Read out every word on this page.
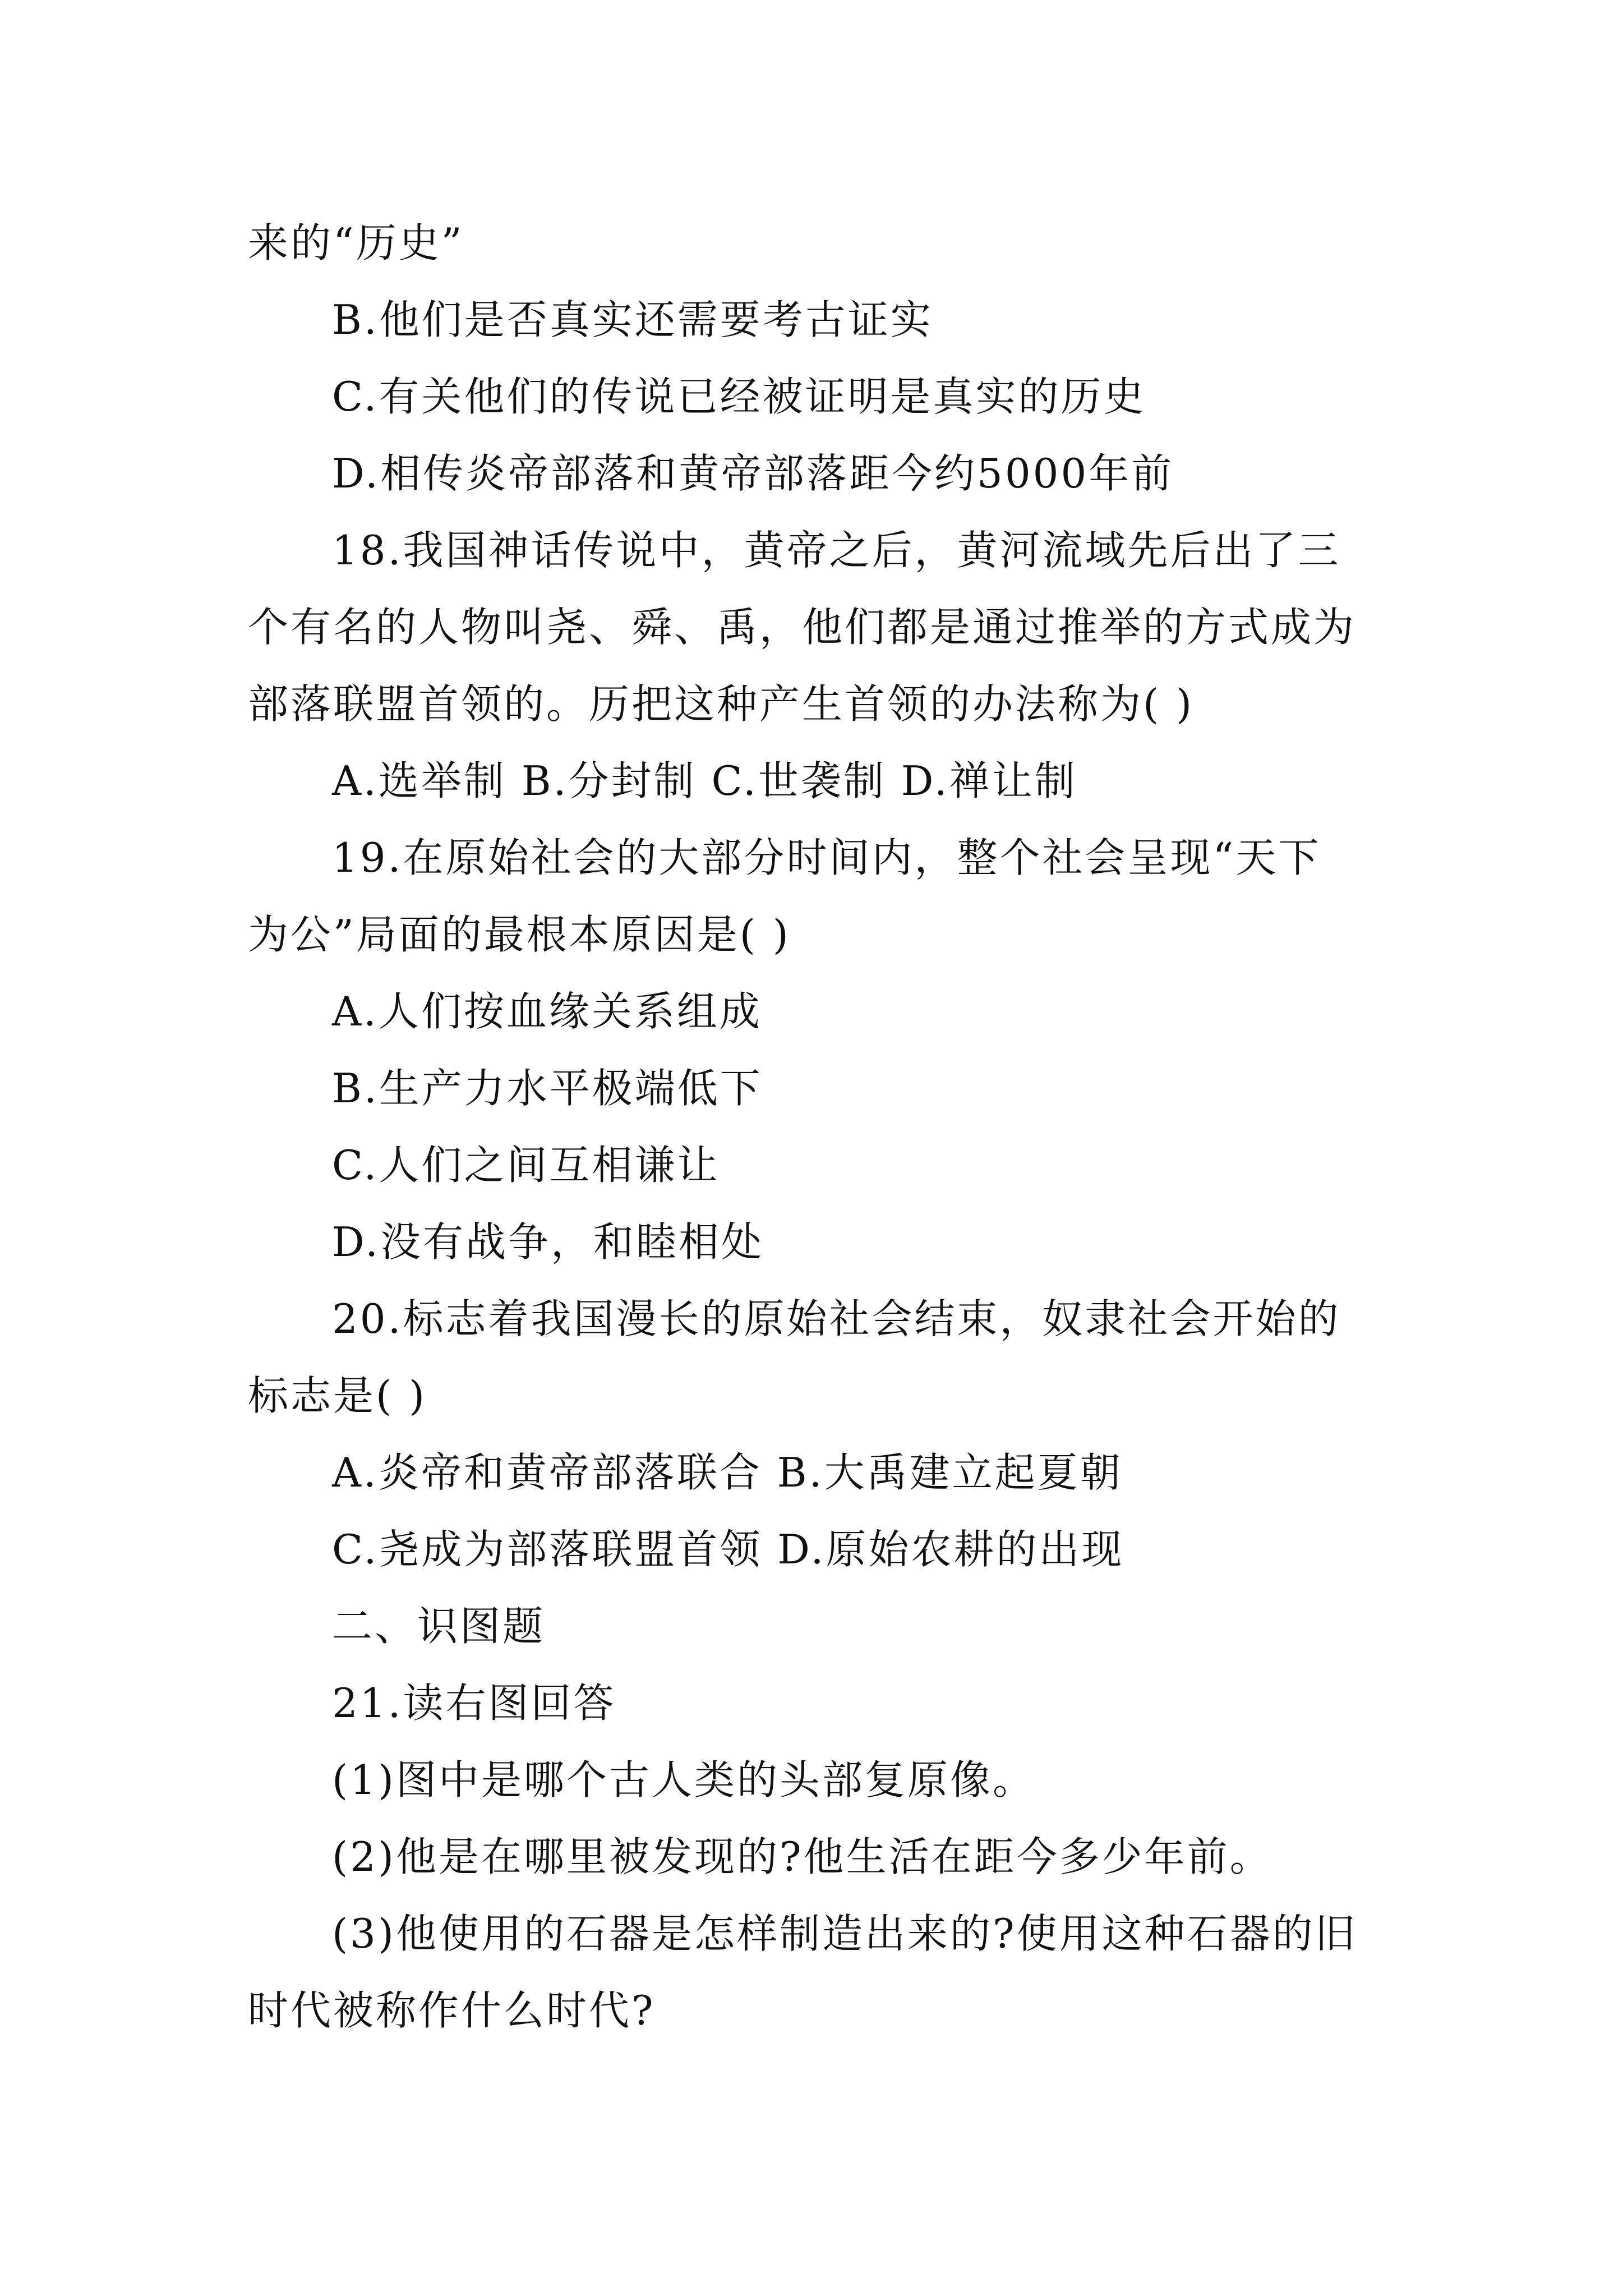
来的“历史”
B.他们是否真实还需要考古证实
C.有关他们的传说已经被证明是真实的历史
D.相传炎帝部落和黄帝部落距今约5000年前
18.我国神话传说中，黄帝之后，黄河流域先后出了三
个有名的人物叫尧、舜、禹，他们都是通过推举的方式成为
部落联盟首领的。历把这种产生首领的办法称为( )
A.选举制 B.分封制 C.世袭制 D.禅让制
19.在原始社会的大部分时间内，整个社会呈现“天下
为公”局面的最根本原因是( )
A.人们按血缘关系组成
B.生产力水平极端低下
C.人们之间互相谦让
D.没有战争，和睦相处
20.标志着我国漫长的原始社会结束，奴隶社会开始的
标志是( )
A.炎帝和黄帝部落联合 B.大禹建立起夏朝
C.尧成为部落联盟首领 D.原始农耕的出现
二、识图题
21.读右图回答
(1)图中是哪个古人类的头部复原像。
(2)他是在哪里被发现的?他生活在距今多少年前。
(3)他使用的石器是怎样制造出来的?使用这种石器的旧
时代被称作什么时代?
